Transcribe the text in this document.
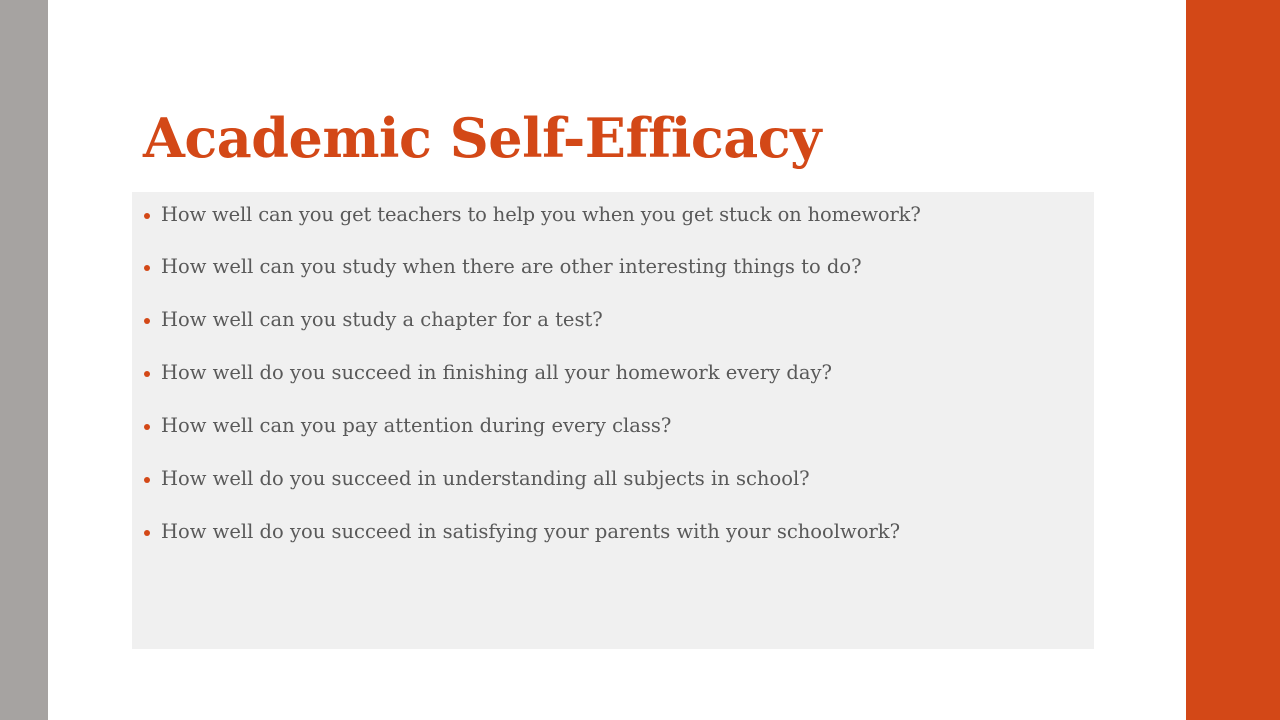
Academic Self-Efficacy
How well can you get teachers to help you when you get stuck on homework?
How well can you study when there are other interesting things to do?
How well can you study a chapter for a test?
How well do you succeed in finishing all your homework every day?
How well can you pay attention during every class?
How well do you succeed in understanding all subjects in school?
How well do you succeed in satisfying your parents with your schoolwork?
